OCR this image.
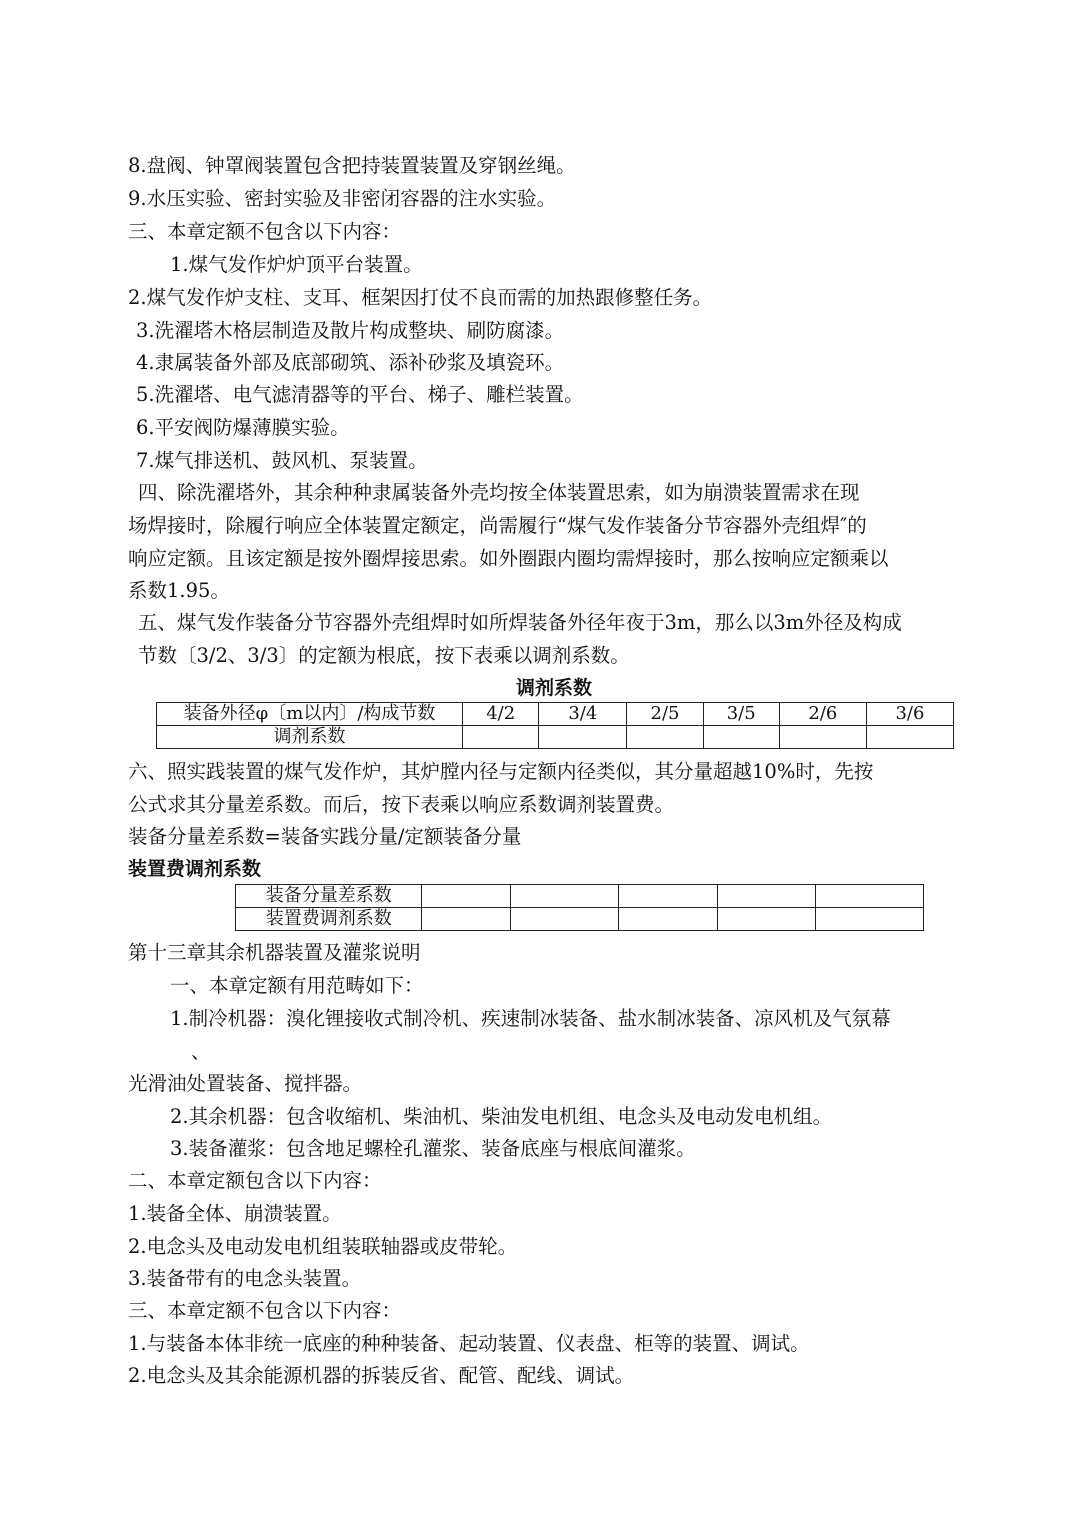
8.盘阀、钟罩阀装置包含把持装置装置及穿钢丝绳。
9.水压实验、密封实验及非密闭容器的注水实验。
三、本章定额不包含以下内容：
1.煤气发作炉炉顶平台装置。
2.煤气发作炉支柱、支耳、框架因打仗不良而需的加热跟修整任务。
3.洗濯塔木格层制造及散片构成整块、刷防腐漆。
4.隶属装备外部及底部砌筑、添补砂浆及填瓷环。
5.洗濯塔、电气滤清器等的平台、梯子、雕栏装置。
6.平安阀防爆薄膜实验。
7.煤气排送机、鼓风机、泵装置。
四、除洗濯塔外，其余种种隶属装备外壳均按全体装置思索，如为崩溃装置需求在现
场焊接时，除履行响应全体装置定额定，尚需履行“煤气发作装备分节容器外壳组焊″的
响应定额。且该定额是按外圈焊接思索。如外圈跟内圈均需焊接时，那么按响应定额乘以
系数1.95。
五、煤气发作装备分节容器外壳组焊时如所焊装备外径年夜于3m，那么以3m外径及构成
节数〔3/2、3/3〕的定额为根底，按下表乘以调剂系数。
调剂系数
装备外径φ〔m以内〕/构成节数	4/2	3/4	2/5	3/5	2/6	3/6
调剂系数						
六、照实践装置的煤气发作炉，其炉膛内径与定额内径类似，其分量超越10%时，先按
公式求其分量差系数。而后，按下表乘以响应系数调剂装置费。
装备分量差系数=装备实践分量/定额装备分量
装置费调剂系数
装备分量差系数					
装置费调剂系数					
第十三章其余机器装置及灌浆说明
一、本章定额有用范畴如下：
1.制冷机器：溴化锂接收式制冷机、疾速制冰装备、盐水制冰装备、凉风机及气氛幕
、
光滑油处置装备、搅拌器。
2.其余机器：包含收缩机、柴油机、柴油发电机组、电念头及电动发电机组。
3.装备灌浆：包含地足螺栓孔灌浆、装备底座与根底间灌浆。
二、本章定额包含以下内容：
1.装备全体、崩溃装置。
2.电念头及电动发电机组装联轴器或皮带轮。
3.装备带有的电念头装置。
三、本章定额不包含以下内容：
1.与装备本体非统一底座的种种装备、起动装置、仪表盘、柜等的装置、调试。
2.电念头及其余能源机器的拆装反省、配管、配线、调试。
